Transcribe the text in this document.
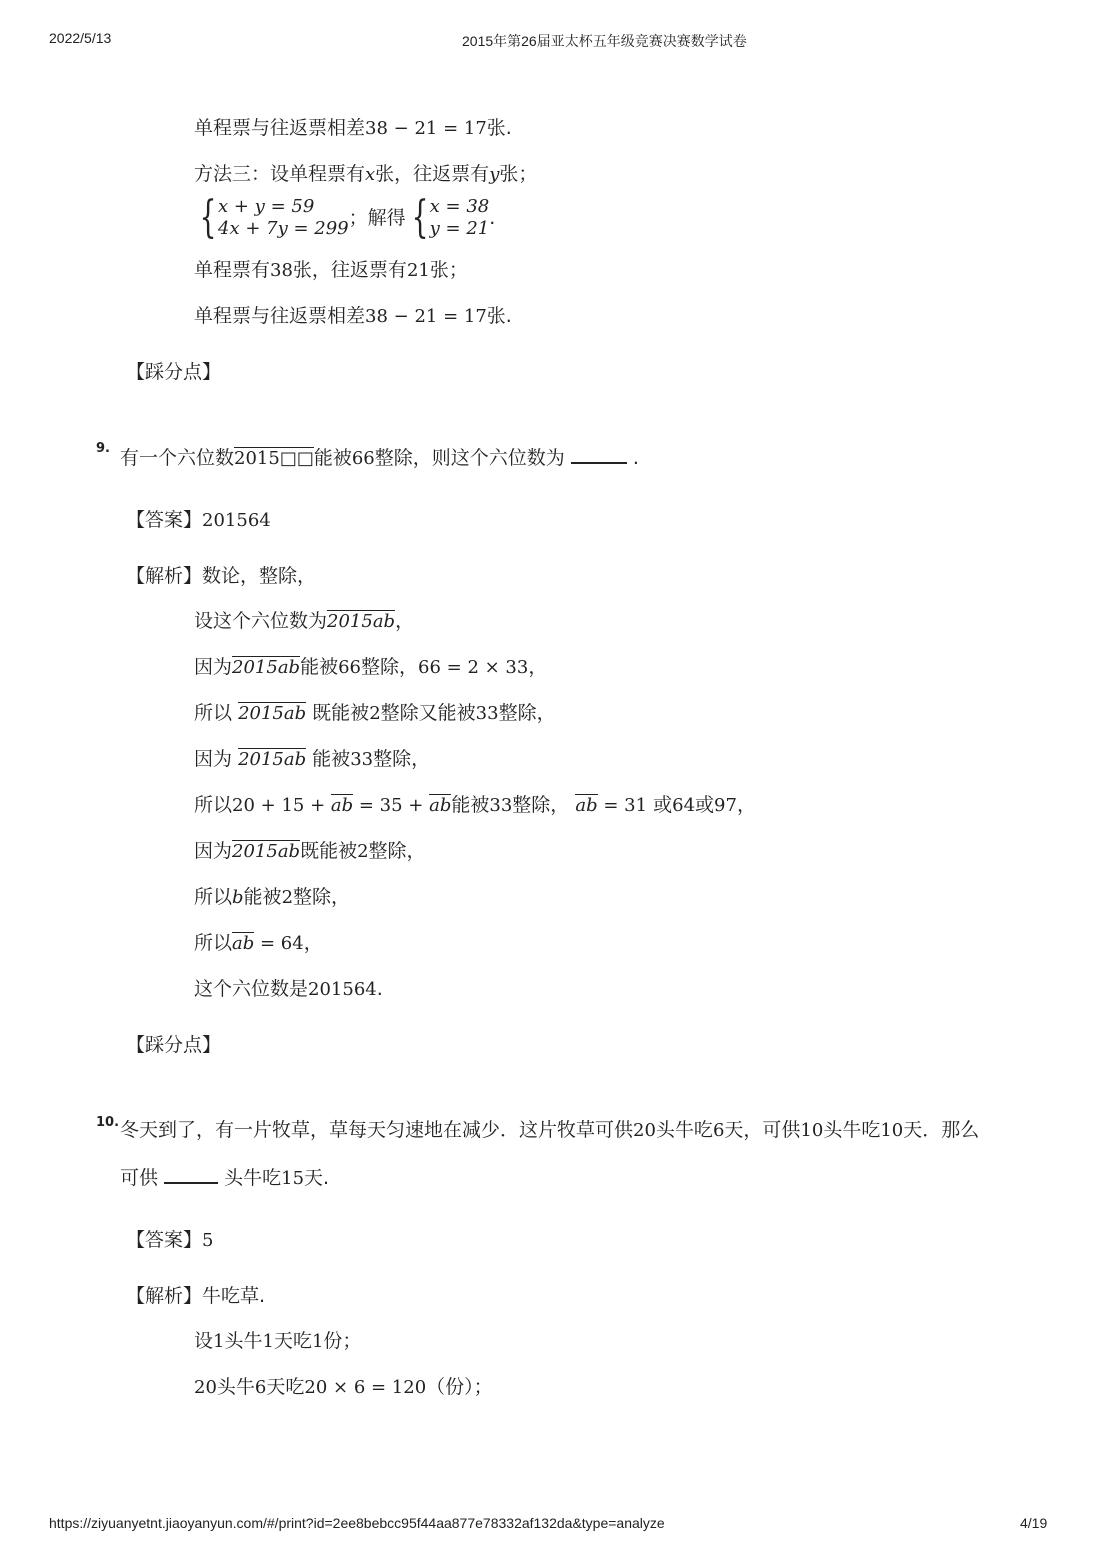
2022/5/13	2015年第26届亚太杯五年级竞赛决赛数学试卷
单程票与往返票相差38 − 21 = 17张.
方法三：设单程票有x张，往返票有y张；
{ x + y = 59
4x + 7y = 299 ；解得 { x = 38
y = 21 .
单程票有38张，往返票有21张；
单程票与往返票相差38 − 21 = 17张.
【踩分点】
9. 有一个六位数2015□□能被66整除，则这个六位数为	.
【答案】201564
【解析】数论，整除，
设这个六位数为2015ab，
因为2015ab能被66整除，66 = 2 × 33，
所以 2015ab 既能被2整除又能被33整除，
因为 2015ab 能被33整除，
所以20 + 15 + ab = 35 + ab能被33整除， ab = 31 或64或97，
因为2015ab既能被2整除，
所以b能被2整除，
所以ab = 64，
这个六位数是201564.
【踩分点】
10. 冬天到了，有一片牧草，草每天匀速地在减少．这片牧草可供20头牛吃6天，可供10头牛吃10天．那么
可供	头牛吃15天.
【答案】5
【解析】牛吃草.
设1头牛1天吃1份；
20头牛6天吃20 × 6 = 120（份）；
https://ziyuanyetnt.jiaoyanyun.com/#/print?id=2ee8bebcc95f44aa877e78332af132da&type=analyze	4/19
